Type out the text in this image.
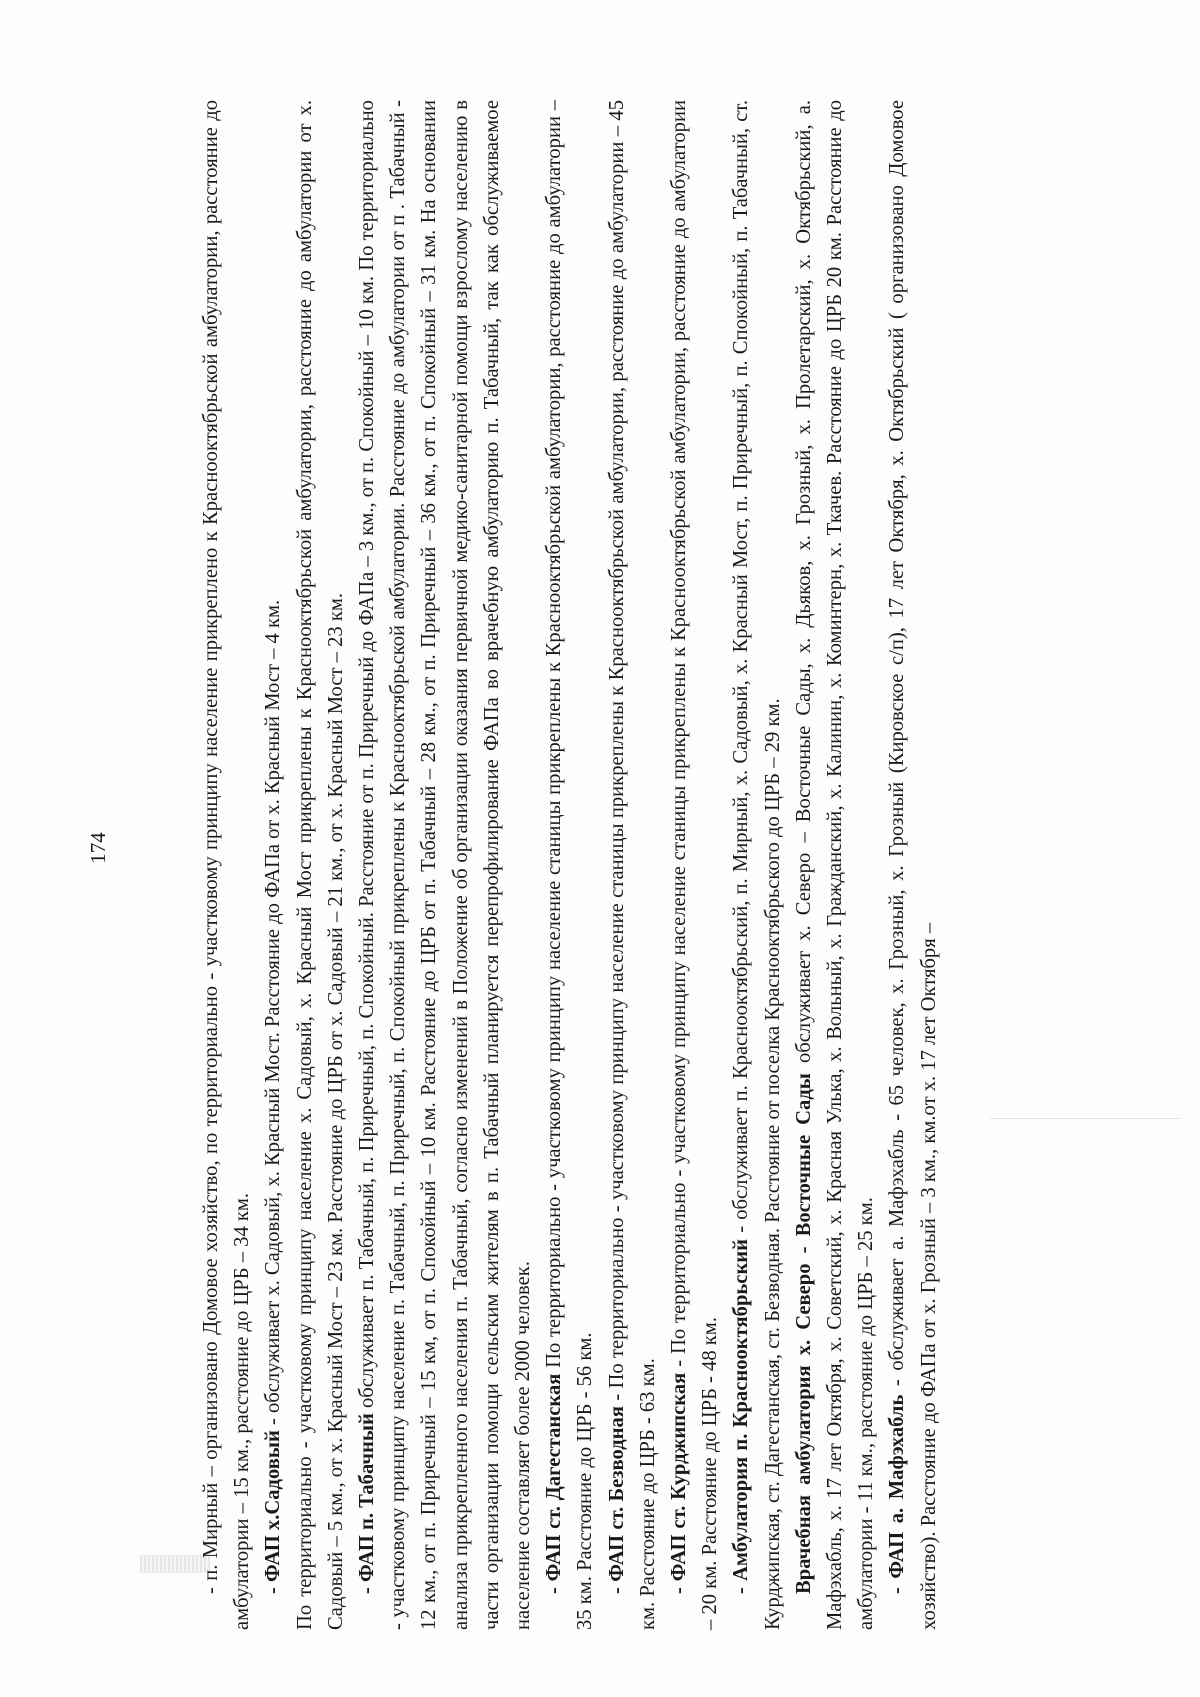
174	- п. Мирный – организовано Домовое хозяйство, по территориально - участковому принципу население прикреплено к Краснооктябрьской амбулатории, расстояние до амбулатории – 15 км., расстояние до ЦРБ – 34 км. - ФАП х.Садовый - обслуживает х. Садовый, х. Красный Мост. Расстояние до ФАПа от х. Красный Мост – 4 км. По территориально - участковому принципу население х. Садовый, х. Красный Мост прикреплены к Краснооктябрьской амбулатории, расстояние до амбулатории от х. Садовый – 5 км., от х. Красный Мост – 23 км. Расстояние до ЦРБ от х. Садовый – 21 км., от х. Красный Мост – 23 км. - ФАП п. Табачный обслуживает п. Табачный, п. Приречный, п. Спокойный. Расстояние от п. Приречный до ФАПа – 3 км., от п. Спокойный – 10 км. По территориально - участковому принципу население п. Табачный, п. Приречный, п. Спокойный прикреплены к Краснооктябрьской амбулатории. Расстояние до амбулатории от п . Табачный - 12 км., от п. Приречный – 15 км, от п. Спокойный – 10 км. Расстояние до ЦРБ от п. Табачный – 28 км., от п. Приречный – 36 км., от п. Спокойный – 31 км. На основании анализа прикрепленного населения п. Табачный, согласно изменений в Положение об организации оказания первичной медико-санитарной помощи взрослому населению в части организации помощи сельским жителям в п. Табачный планируется перепрофилирование ФАПа во врачебную амбулаторию п. Табачный, так как обслуживаемое население составляет более 2000 человек. - ФАП ст. Дагестанская По территориально - участковому принципу население станицы прикреплены к Краснооктябрьской амбулатории, расстояние до амбулатории – 35 км. Расстояние до ЦРБ - 56 км. - ФАП ст. Безводная - По территориально - участковому принципу население станицы прикреплены к Краснооктябрьской амбулатории, расстояние до амбулатории – 45 км. Расстояние до ЦРБ - 63 км. - ФАП ст. Курджипская - По территориально - участковому принципу население станицы прикреплены к Краснооктябрьской амбулатории, расстояние до амбулатории – 20 км. Расстояние до ЦРБ - 48 км. - Амбулатория п. Краснооктябрьский - обслуживает п. Краснооктябрьский, п. Мирный, х. Садовый, х. Красный Мост, п. Приречный, п. Спокойный, п. Табачный, ст. Курджипская, ст. Дагестанская, ст. Безводная. Расстояние от поселка Краснооктябрьского до ЦРБ – 29 км. Врачебная амбулатория х. Северо - Восточные Сады обслуживает х. Северо – Восточные Сады, х. Дьяков, х. Грозный, х. Пролетарский, х. Октябрьский, а. Мафэхабль, х. 17 лет Октября, х. Советский, х. Красная Улька, х. Вольный, х. Гражданский, х. Калинин, х. Коминтерн, х. Ткачев. Расстояние до ЦРБ 20 км. Расстояние до амбулатории - 11 км., расстояние до ЦРБ – 25 км. - ФАП а. Мафэхабль - обслуживает а. Мафэхабль - 65 человек, х. Грозный, х. Грозный (Кировское с/п), 17 лет Октября, х. Октябрьский ( организовано Домовое хозяйство). Расстояние до ФАПа от х. Грозный – 3 км., км.от х. 17 лет Октября –
